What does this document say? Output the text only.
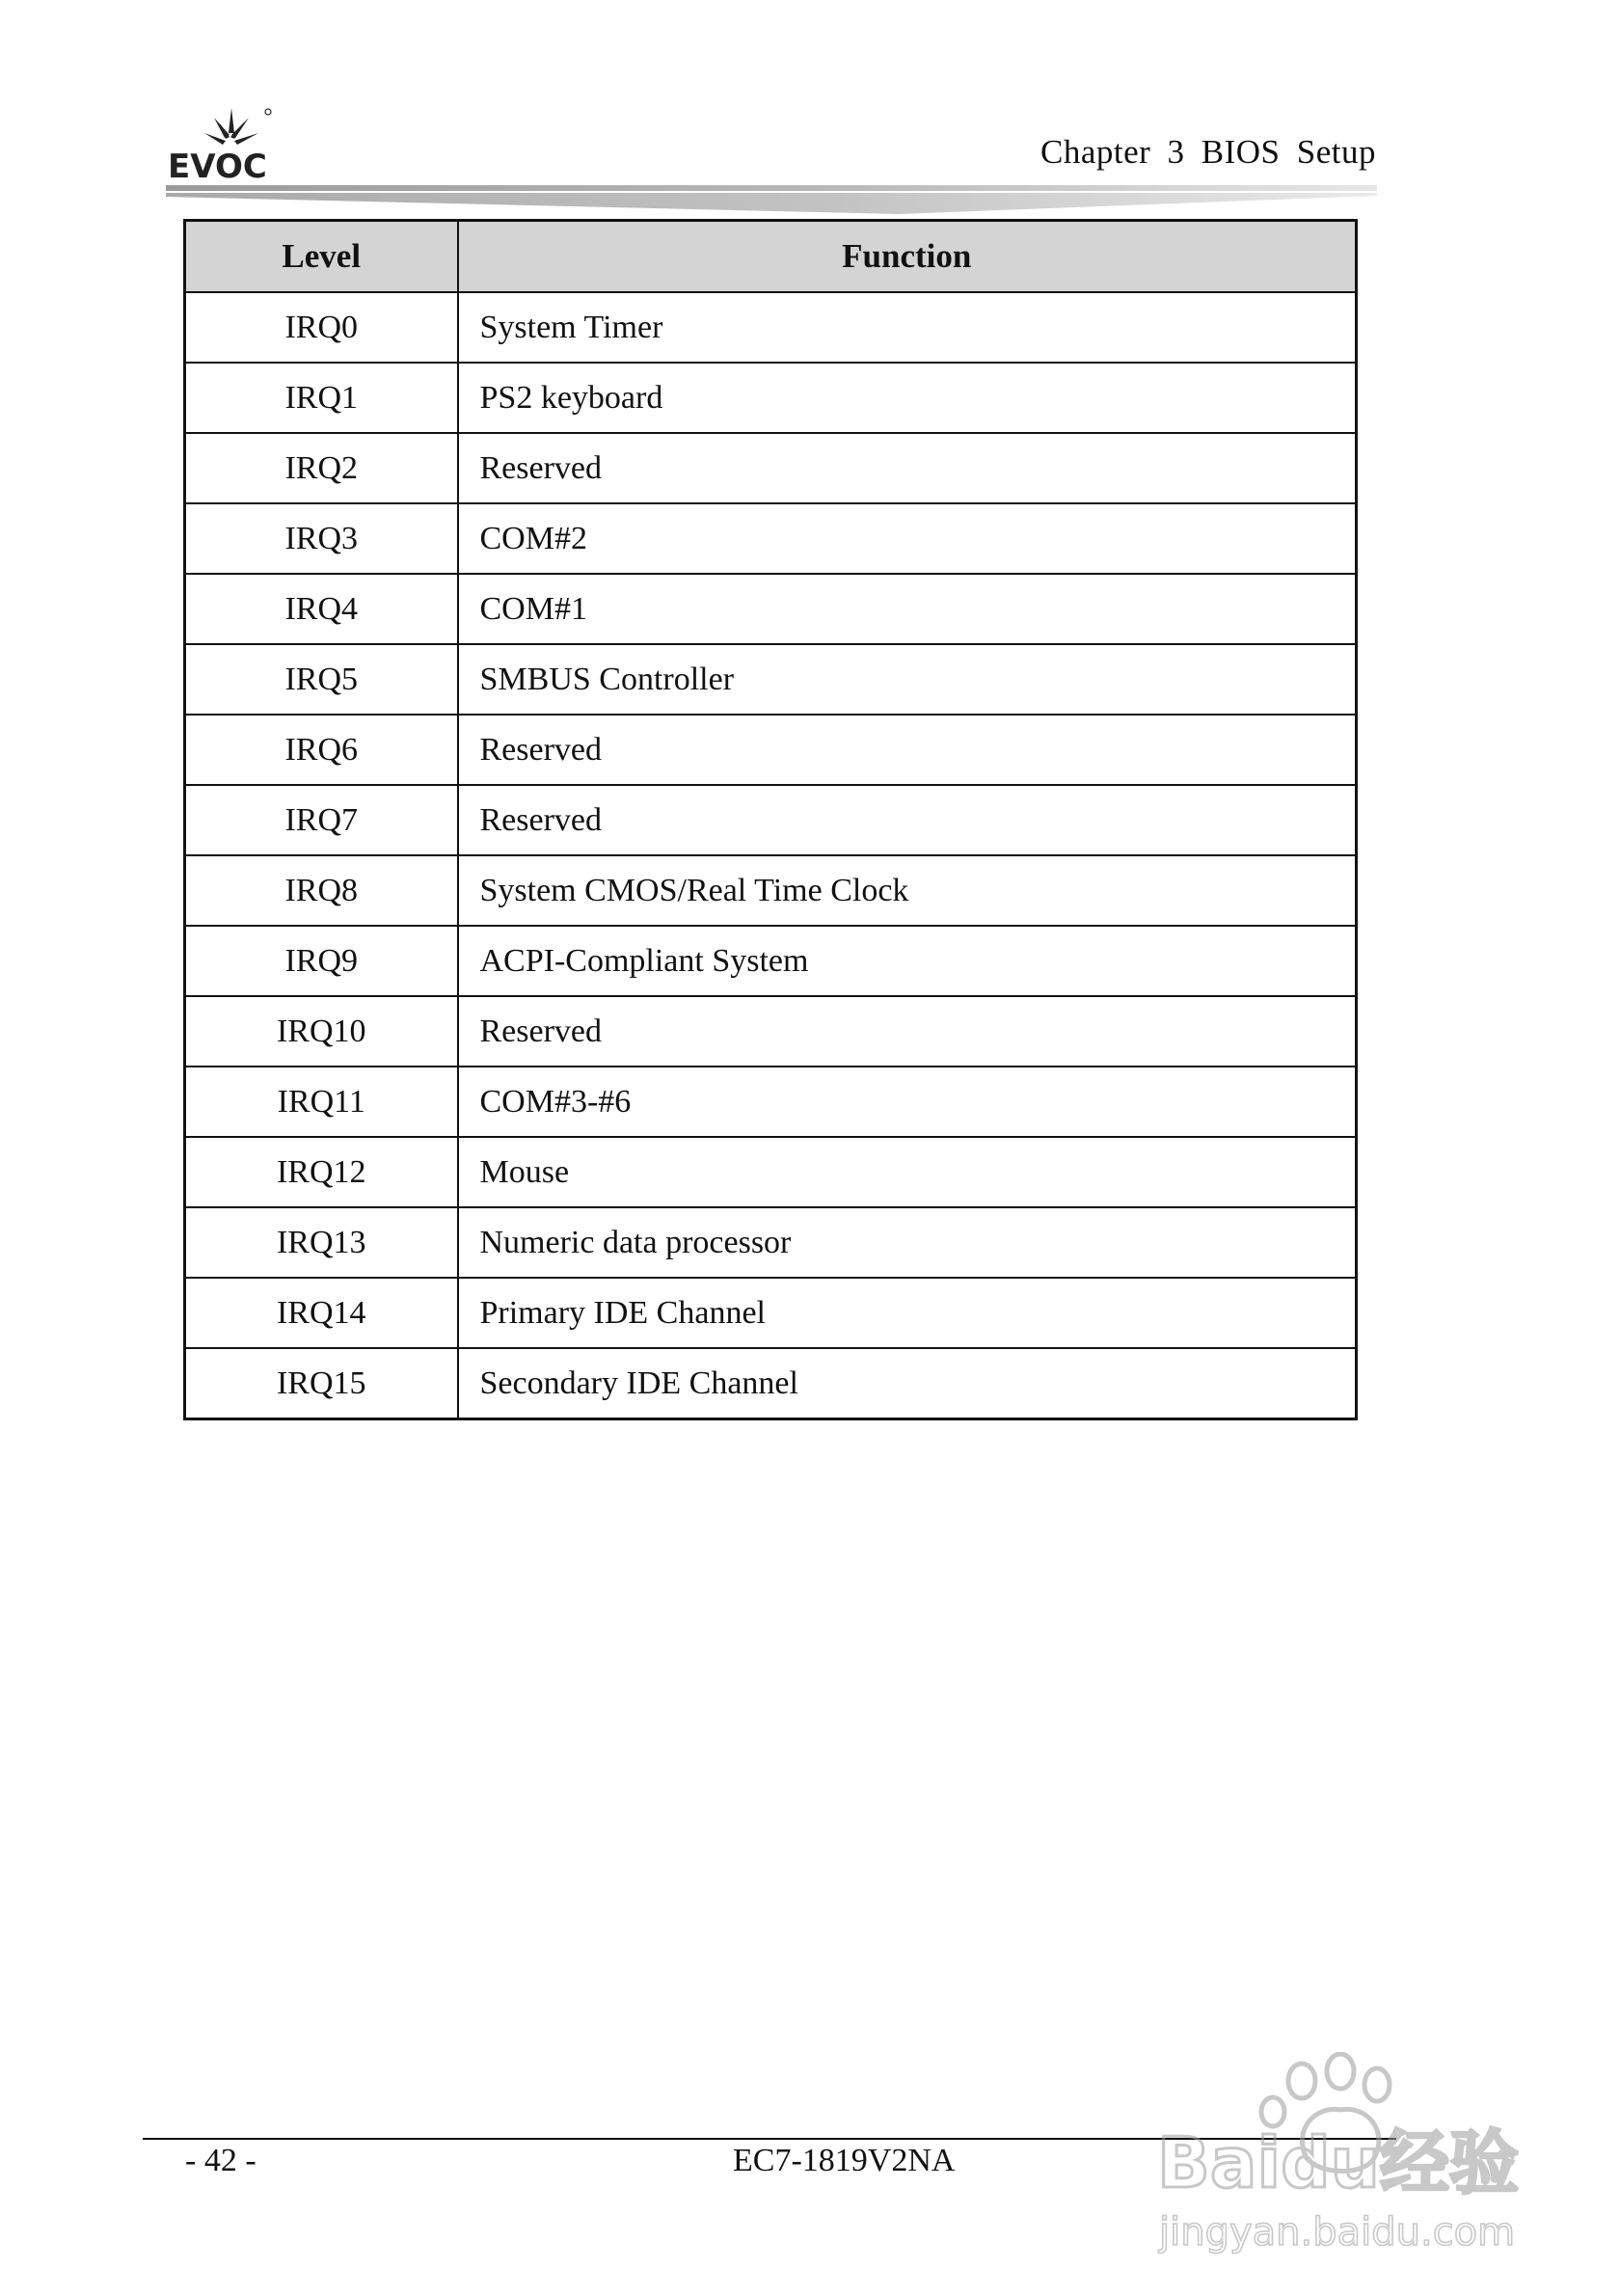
EVOC	Chapter 3 BIOS Setup
Level	Function
IRQ0	System Timer
IRQ1	PS2 keyboard
IRQ2	Reserved
IRQ3	COM#2
IRQ4	COM#1
IRQ5	SMBUS Controller
IRQ6	Reserved
IRQ7	Reserved
IRQ8	System CMOS/Real Time Clock
IRQ9	ACPI-Compliant System
IRQ10	Reserved
IRQ11	COM#3-#6
IRQ12	Mouse
IRQ13	Numeric data processor
IRQ14	Primary IDE Channel
IRQ15	Secondary IDE Channel
- 42 -	EC7-1819V2NA	Baidu经验
jingyan.baidu.com
